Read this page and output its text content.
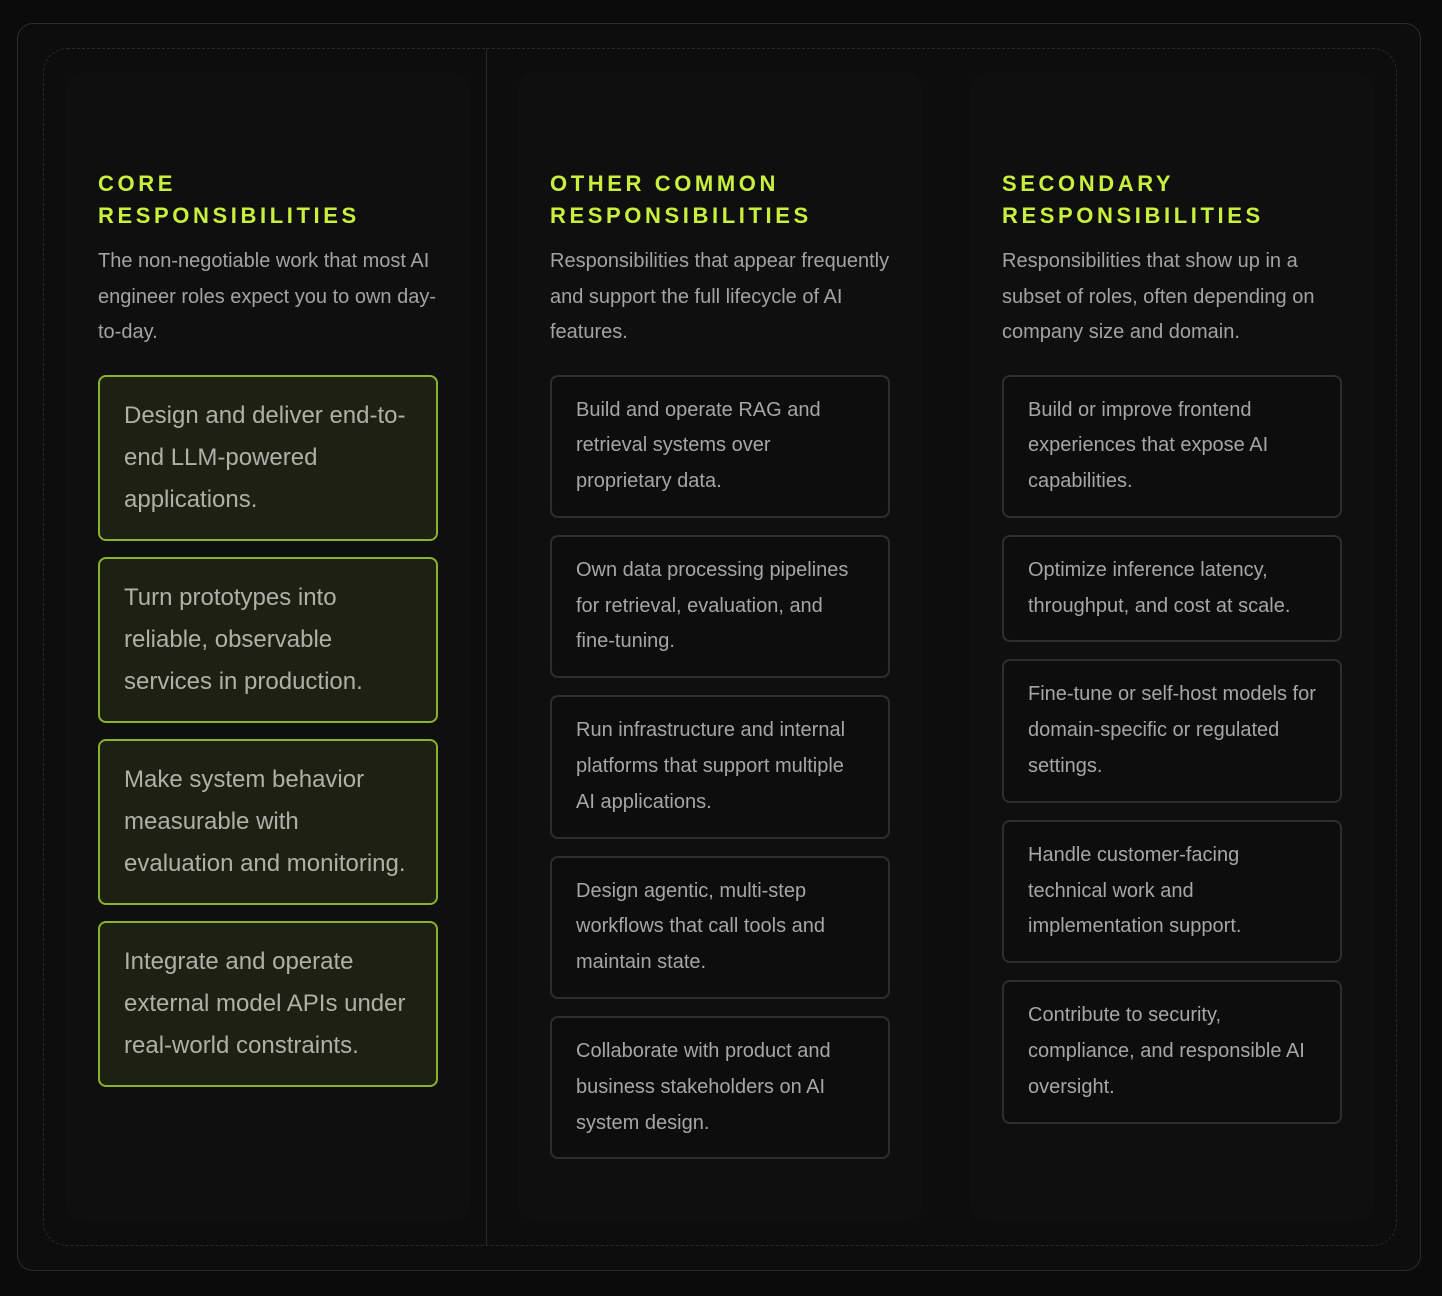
CORE RESPONSIBILITIES

The non-negotiable work that most AI engineer roles expect you to own day-to-day.

Design and deliver end-to-end LLM-powered applications.
Turn prototypes into reliable, observable services in production.
Make system behavior measurable with evaluation and monitoring.
Integrate and operate external model APIs under real-world constraints.
OTHER COMMON RESPONSIBILITIES

Responsibilities that appear frequently and support the full lifecycle of AI features.

Build and operate RAG and retrieval systems over proprietary data.
Own data processing pipelines for retrieval, evaluation, and fine-tuning.
Run infrastructure and internal platforms that support multiple AI applications.
Design agentic, multi-step workflows that call tools and maintain state.
Collaborate with product and business stakeholders on AI system design.
SECONDARY RESPONSIBILITIES

Responsibilities that show up in a subset of roles, often depending on company size and domain.

Build or improve frontend experiences that expose AI capabilities.
Optimize inference latency, throughput, and cost at scale.
Fine-tune or self-host models for domain-specific or regulated settings.
Handle customer-facing technical work and implementation support.
Contribute to security, compliance, and responsible AI oversight.
